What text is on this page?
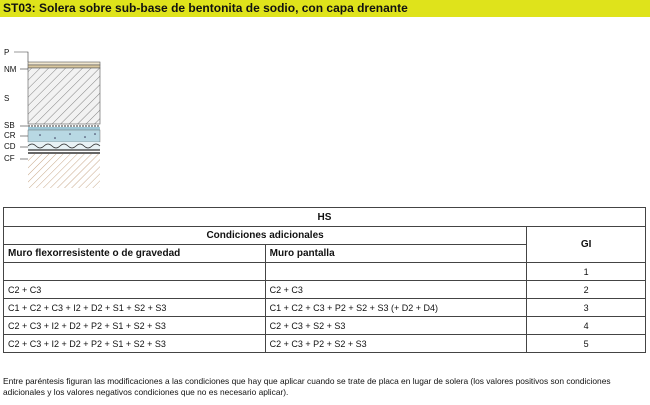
ST03: Solera sobre sub-base de bentonita de sodio, con capa drenante
P
NM
S
SB
CR
CD
CF
HS		
Condiciones adicionales		GI
Muro flexorresistente o de gravedad	Muro pantalla	
		1
C2 + C3	C2 + C3	2
C1 + C2 + C3 + I2 + D2 + S1 + S2 + S3	C1 + C2 + C3 + P2 + S2 + S3 (+ D2 + D4)	3
C2 + C3 + I2 + D2 + P2 + S1 + S2 + S3	C2 + C3 + S2 + S3	4
C2 + C3 + I2 + D2 + P2 + S1 + S2 + S3	C2 + C3 + P2 + S2 + S3	5
Entre paréntesis figuran las modificaciones a las condiciones que hay que aplicar cuando se trate de placa en lugar de solera (los valores positivos son condiciones adicionales y los valores negativos condiciones que no es necesario aplicar).
